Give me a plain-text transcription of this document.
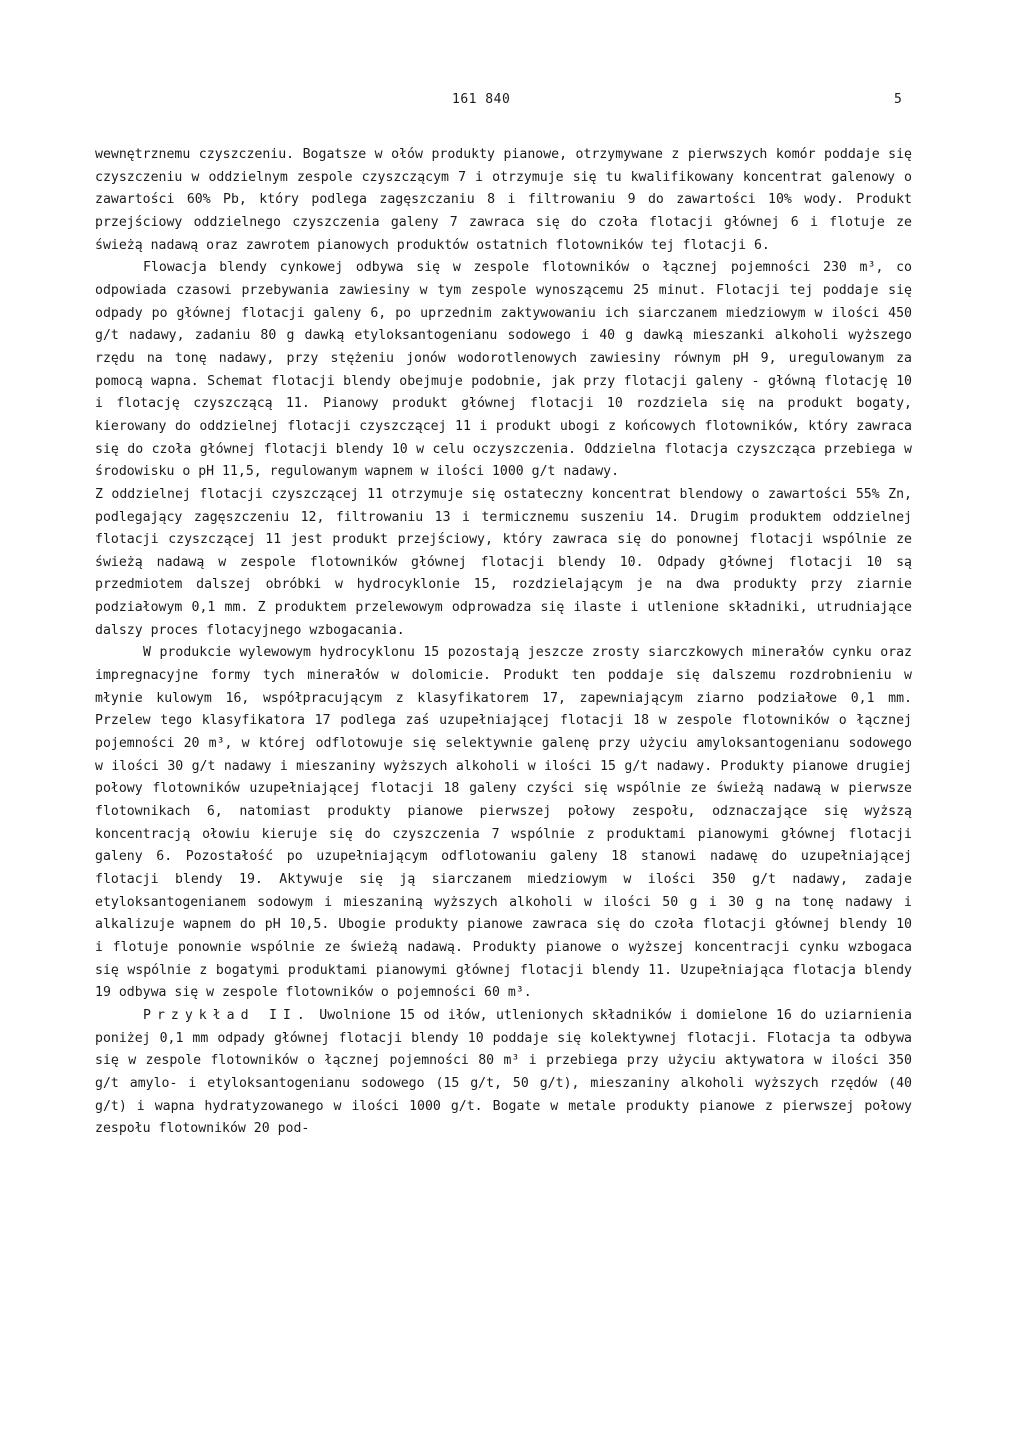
161 840	5

wewnętrznemu czyszczeniu. Bogatsze w ołów produkty pianowe, otrzymywane z pierwszych komór poddaje się czyszczeniu w oddzielnym zespole czyszczącym 7 i otrzymuje się tu kwalifikowany koncentrat galenowy o zawartości 60% Pb, który podlega zagęszczaniu 8 i filtrowaniu 9 do zawartości 10% wody. Produkt przejściowy oddzielnego czyszczenia galeny 7 zawraca się do czoła flotacji głównej 6 i flotuje ze świeżą nadawą oraz zawrotem pianowych produktów ostatnich flotowników tej flotacji 6.

Flowacja blendy cynkowej odbywa się w zespole flotowników o łącznej pojemności 230 m³, co odpowiada czasowi przebywania zawiesiny w tym zespole wynoszącemu 25 minut. Flotacji tej poddaje się odpady po głównej flotacji galeny 6, po uprzednim zaktywowaniu ich siarczanem miedziowym w ilości 450 g/t nadawy, zadaniu 80 g dawką etyloksantogenianu sodowego i 40 g dawką mieszanki alkoholi wyższego rzędu na tonę nadawy, przy stężeniu jonów wodorotlenowych zawiesiny równym pH 9, uregulowanym za pomocą wapna. Schemat flotacji blendy obejmuje podobnie, jak przy flotacji galeny - główną flotację 10 i flotację czyszczącą 11. Pianowy produkt głównej flotacji 10 rozdziela się na produkt bogaty, kierowany do oddzielnej flotacji czyszczącej 11 i produkt ubogi z końcowych flotowników, który zawraca się do czoła głównej flotacji blendy 10 w celu oczyszczenia. Oddzielna flotacja czyszcząca przebiega w środowisku o pH 11,5, regulowanym wapnem w ilości 1000 g/t nadawy.

Z oddzielnej flotacji czyszczącej 11 otrzymuje się ostateczny koncentrat blendowy o zawartości 55% Zn, podlegający zagęszczeniu 12, filtrowaniu 13 i termicznemu suszeniu 14. Drugim produktem oddzielnej flotacji czyszczącej 11 jest produkt przejściowy, który zawraca się do ponownej flotacji wspólnie ze świeżą nadawą w zespole flotowników głównej flotacji blendy 10. Odpady głównej flotacji 10 są przedmiotem dalszej obróbki w hydrocyklonie 15, rozdzielającym je na dwa produkty przy ziarnie podziałowym 0,1 mm. Z produktem przelewowym odprowadza się ilaste i utlenione składniki, utrudniające dalszy proces flotacyjnego wzbogacania.

W produkcie wylewowym hydrocyklonu 15 pozostają jeszcze zrosty siarczkowych minerałów cynku oraz impregnacyjne formy tych minerałów w dolomicie. Produkt ten poddaje się dalszemu rozdrobnieniu w młynie kulowym 16, współpracującym z klasyfikatorem 17, zapewniającym ziarno podziałowe 0,1 mm. Przelew tego klasyfikatora 17 podlega zaś uzupełniającej flotacji 18 w zespole flotowników o łącznej pojemności 20 m³, w której odflotowuje się selektywnie galenę przy użyciu amyloksantogenianu sodowego w ilości 30 g/t nadawy i mieszaniny wyższych alkoholi w ilości 15 g/t nadawy. Produkty pianowe drugiej połowy flotowników uzupełniającej flotacji 18 galeny czyści się wspólnie ze świeżą nadawą w pierwsze flotownikach 6, natomiast produkty pianowe pierwszej połowy zespołu, odznaczające się wyższą koncentracją ołowiu kieruje się do czyszczenia 7 wspólnie z produktami pianowymi głównej flotacji galeny 6. Pozostałość po uzupełniającym odflotowaniu galeny 18 stanowi nadawę do uzupełniającej flotacji blendy 19. Aktywuje się ją siarczanem miedziowym w ilości 350 g/t nadawy, zadaje etyloksantogenianem sodowym i mieszaniną wyższych alkoholi w ilości 50 g i 30 g na tonę nadawy i alkalizuje wapnem do pH 10,5. Ubogie produkty pianowe zawraca się do czoła flotacji głównej blendy 10 i flotuje ponownie wspólnie ze świeżą nadawą. Produkty pianowe o wyższej koncentracji cynku wzbogaca się wspólnie z bogatymi produktami pianowymi głównej flotacji blendy 11. Uzupełniająca flotacja blendy 19 odbywa się w zespole flotowników o pojemności 60 m³.

Przykład II. Uwolnione 15 od iłów, utlenionych składników i domielone 16 do uziarnienia poniżej 0,1 mm odpady głównej flotacji blendy 10 poddaje się kolektywnej flotacji. Flotacja ta odbywa się w zespole flotowników o łącznej pojemności 80 m³ i przebiega przy użyciu aktywatora w ilości 350 g/t amylo- i etyloksantogenianu sodowego (15 g/t, 50 g/t), mieszaniny alkoholi wyższych rzędów (40 g/t) i wapna hydratyzowanego w ilości 1000 g/t. Bogate w metale produkty pianowe z pierwszej połowy zespołu flotowników 20 pod-
